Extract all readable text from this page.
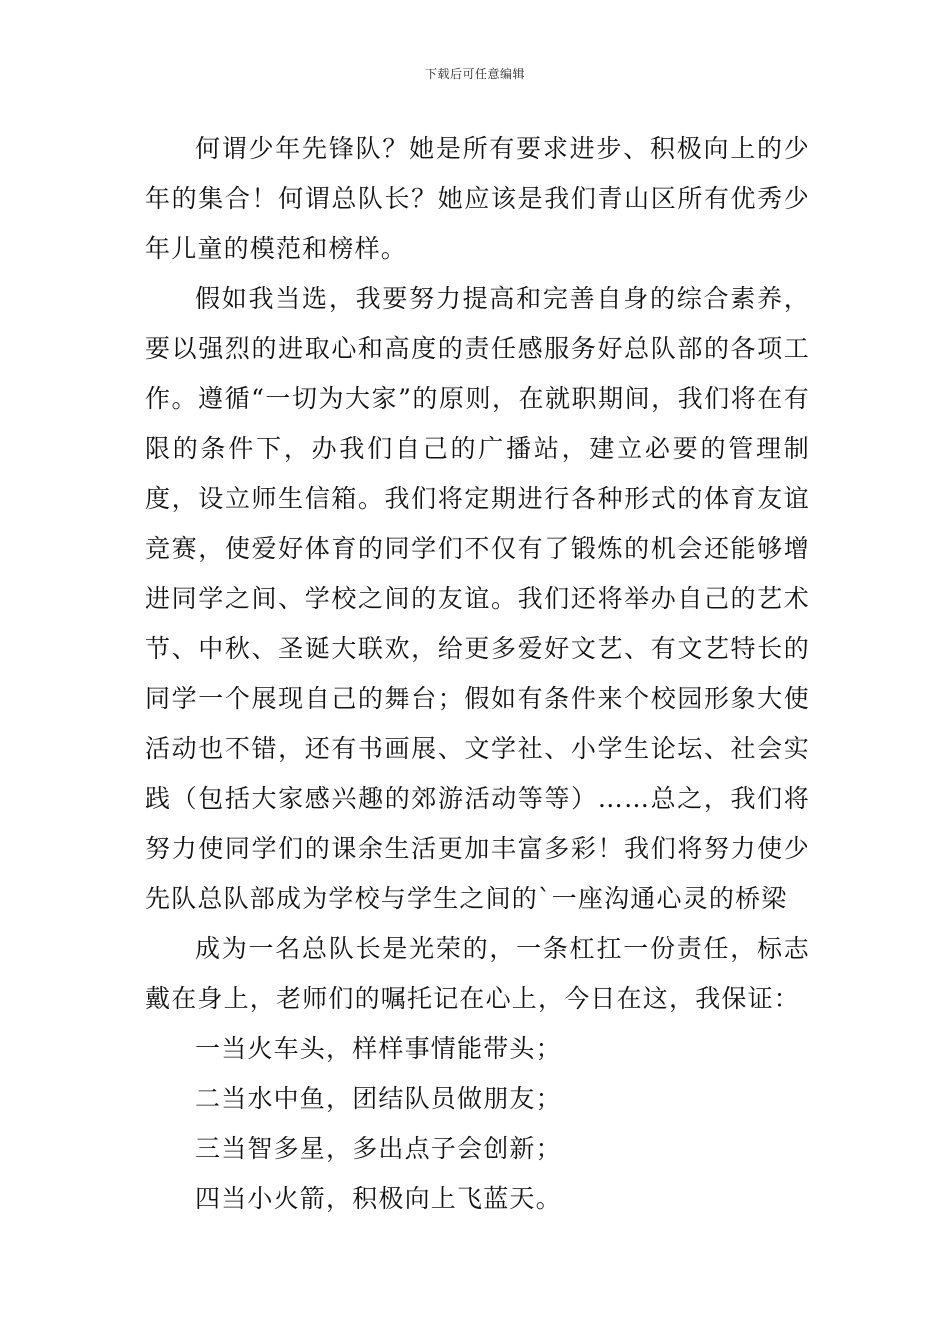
下载后可任意编辑

何谓少年先锋队？她是所有要求进步、积极向上的少年的集合！何谓总队长？她应该是我们青山区所有优秀少年儿童的模范和榜样。

假如我当选，我要努力提高和完善自身的综合素养，要以强烈的进取心和高度的责任感服务好总队部的各项工作。遵循“一切为大家”的原则，在就职期间，我们将在有限的条件下，办我们自己的广播站，建立必要的管理制度，设立师生信箱。我们将定期进行各种形式的体育友谊竞赛，使爱好体育的同学们不仅有了锻炼的机会还能够增进同学之间、学校之间的友谊。我们还将举办自己的艺术节、中秋、圣诞大联欢，给更多爱好文艺、有文艺特长的同学一个展现自己的舞台；假如有条件来个校园形象大使活动也不错，还有书画展、文学社、小学生论坛、社会实践（包括大家感兴趣的郊游活动等等）……总之，我们将努力使同学们的课余生活更加丰富多彩！我们将努力使少先队总队部成为学校与学生之间的`一座沟通心灵的桥梁

成为一名总队长是光荣的，一条杠扛一份责任，标志戴在身上，老师们的嘱托记在心上，今日在这，我保证：

一当火车头，样样事情能带头；

二当水中鱼，团结队员做朋友；

三当智多星，多出点子会创新；

四当小火箭，积极向上飞蓝天。
